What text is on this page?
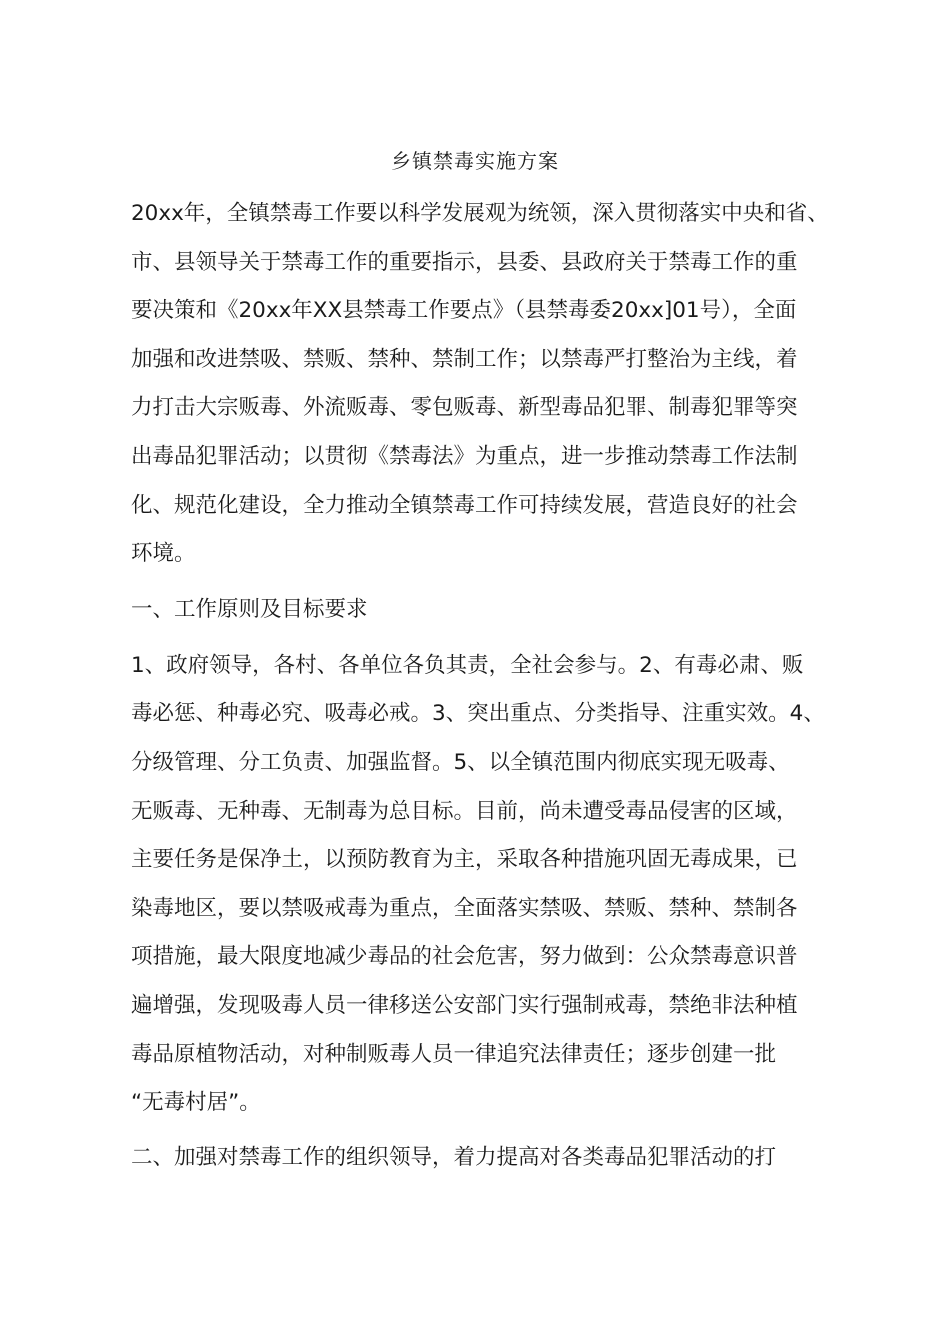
乡镇禁毒实施方案

20xx年，全镇禁毒工作要以科学发展观为统领，深入贯彻落实中央和省、

市、县领导关于禁毒工作的重要指示，县委、县政府关于禁毒工作的重

要决策和《20xx年XX县禁毒工作要点》（县禁毒委20xx]01号），全面

加强和改进禁吸、禁贩、禁种、禁制工作；以禁毒严打整治为主线，着

力打击大宗贩毒、外流贩毒、零包贩毒、新型毒品犯罪、制毒犯罪等突

出毒品犯罪活动；以贯彻《禁毒法》为重点，进一步推动禁毒工作法制

化、规范化建设，全力推动全镇禁毒工作可持续发展，营造良好的社会

环境。

一、工作原则及目标要求

1、政府领导，各村、各单位各负其责，全社会参与。2、有毒必肃、贩

毒必惩、种毒必究、吸毒必戒。3、突出重点、分类指导、注重实效。4、

分级管理、分工负责、加强监督。5、以全镇范围内彻底实现无吸毒、

无贩毒、无种毒、无制毒为总目标。目前，尚未遭受毒品侵害的区域，

主要任务是保净土，以预防教育为主，采取各种措施巩固无毒成果，已

染毒地区，要以禁吸戒毒为重点，全面落实禁吸、禁贩、禁种、禁制各

项措施，最大限度地减少毒品的社会危害，努力做到：公众禁毒意识普

遍增强，发现吸毒人员一律移送公安部门实行强制戒毒，禁绝非法种植

毒品原植物活动，对种制贩毒人员一律追究法律责任；逐步创建一批

“无毒村居”。

二、加强对禁毒工作的组织领导，着力提高对各类毒品犯罪活动的打
